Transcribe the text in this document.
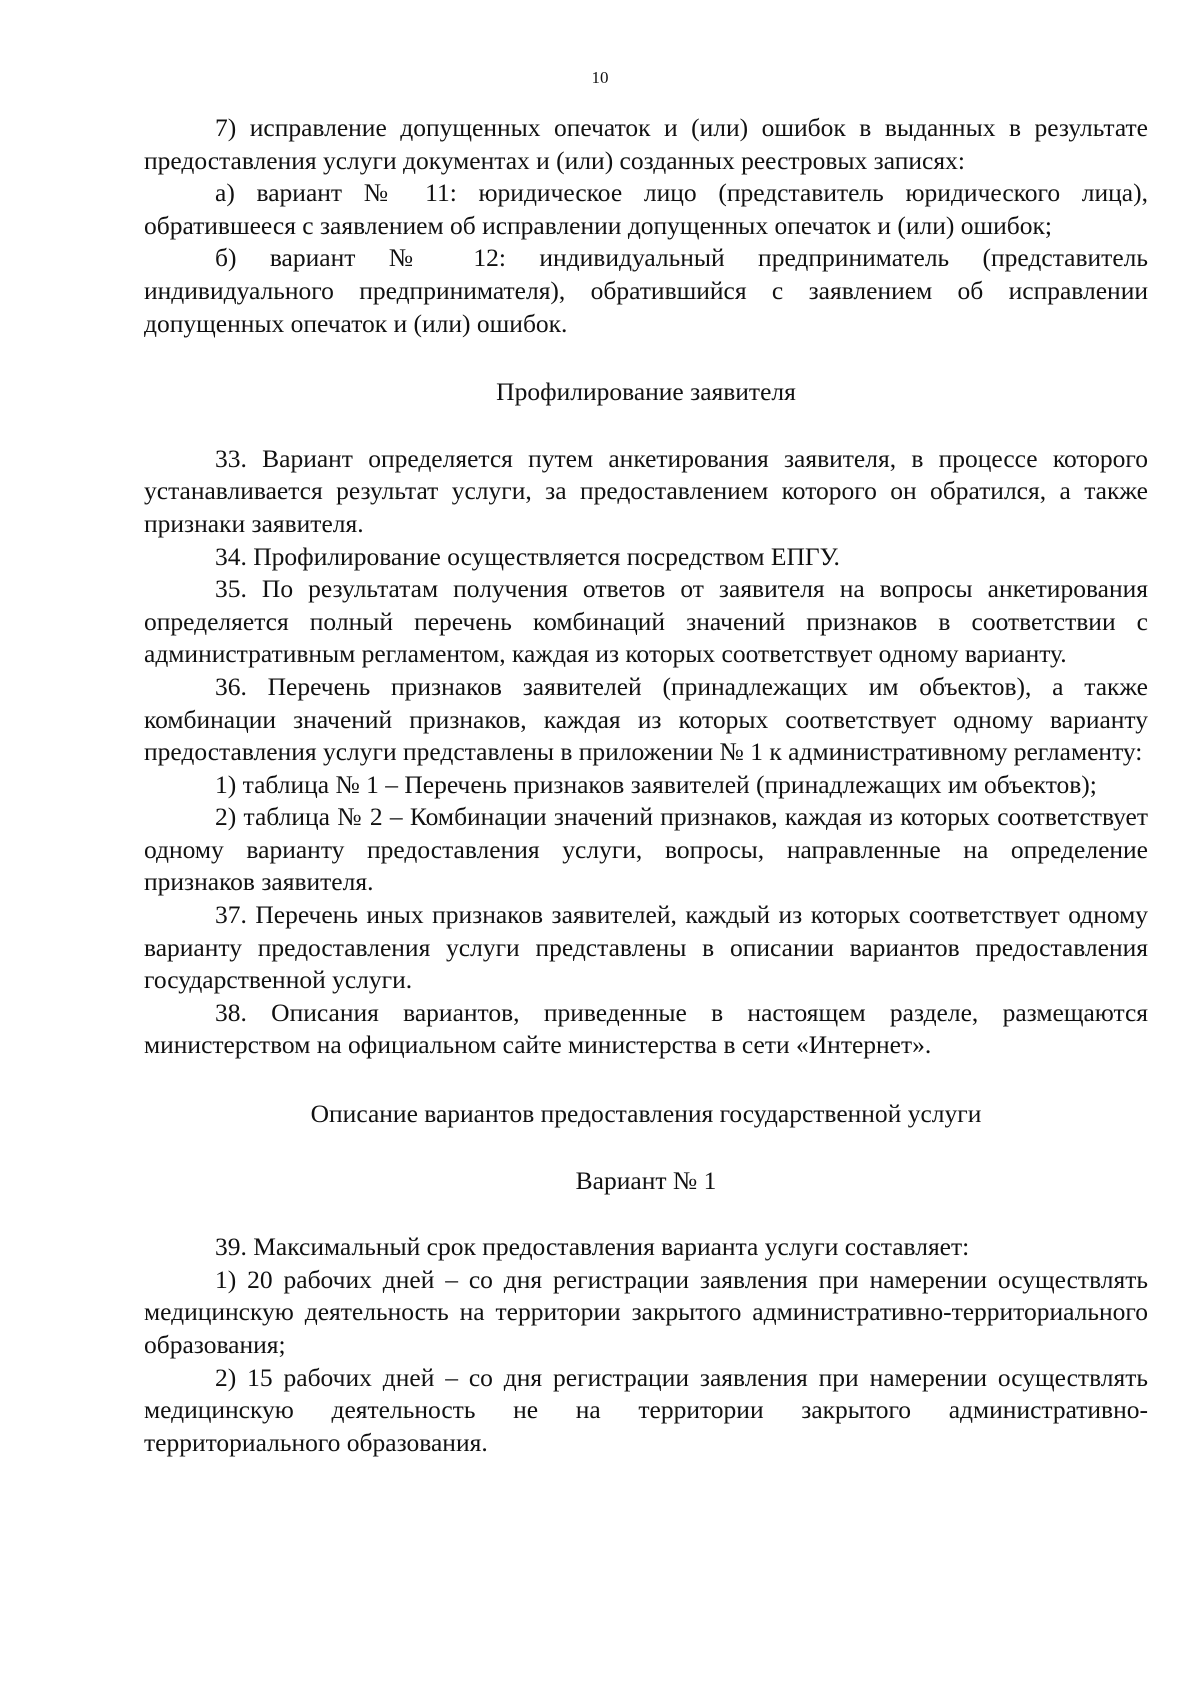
10

7) исправление допущенных опечаток и (или) ошибок в выданных в результате предоставления услуги документах и (или) созданных реестровых записях:

а) вариант № 11: юридическое лицо (представитель юридического лица), обратившееся с заявлением об исправлении допущенных опечаток и (или) ошибок;

б) вариант № 12: индивидуальный предприниматель (представитель индивидуального предпринимателя), обратившийся с заявлением об исправлении допущенных опечаток и (или) ошибок.

Профилирование заявителя

33. Вариант определяется путем анкетирования заявителя, в процессе которого устанавливается результат услуги, за предоставлением которого он обратился, а также признаки заявителя.

34. Профилирование осуществляется посредством ЕПГУ.

35. По результатам получения ответов от заявителя на вопросы анкетирования определяется полный перечень комбинаций значений признаков в соответствии с административным регламентом, каждая из которых соответствует одному варианту.

36. Перечень признаков заявителей (принадлежащих им объектов), а также комбинации значений признаков, каждая из которых соответствует одному варианту предоставления услуги представлены в приложении № 1 к административному регламенту:

1) таблица № 1 – Перечень признаков заявителей (принадлежащих им объектов);

2) таблица № 2 – Комбинации значений признаков, каждая из которых соответствует одному варианту предоставления услуги, вопросы, направленные на определение признаков заявителя.

37. Перечень иных признаков заявителей, каждый из которых соответствует одному варианту предоставления услуги представлены в описании вариантов предоставления государственной услуги.

38. Описания вариантов, приведенные в настоящем разделе, размещаются министерством на официальном сайте министерства в сети «Интернет».

Описание вариантов предоставления государственной услуги
Вариант № 1

39. Максимальный срок предоставления варианта услуги составляет:

1) 20 рабочих дней – со дня регистрации заявления при намерении осуществлять медицинскую деятельность на территории закрытого административно-территориального образования;

2) 15 рабочих дней – со дня регистрации заявления при намерении осуществлять медицинскую деятельность не на территории закрытого административно-территориального образования.
